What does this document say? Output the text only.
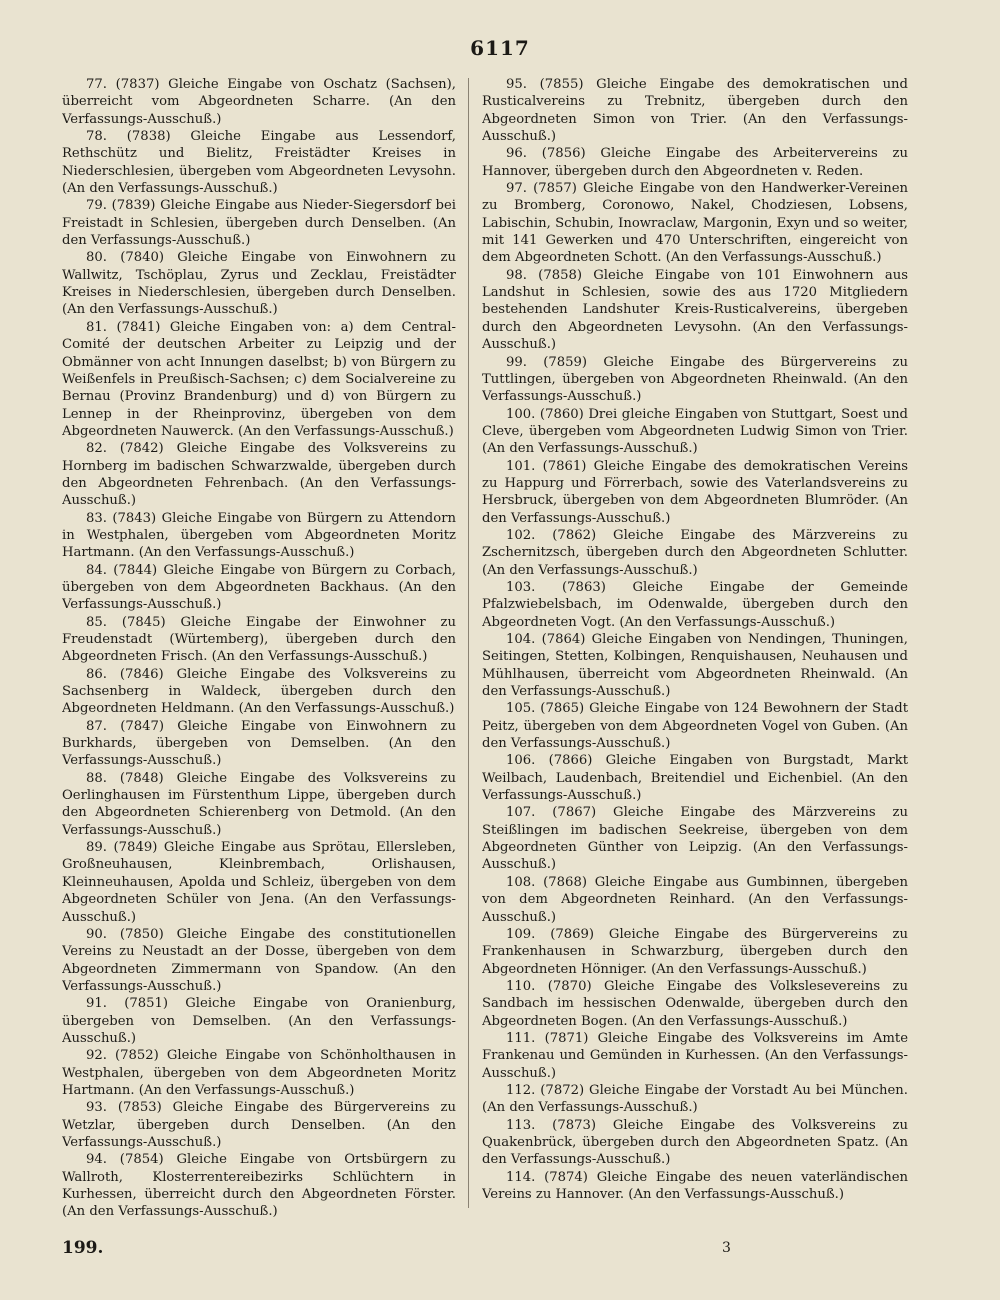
6117

77. (7837) Gleiche Eingabe von Oschatz (Sachsen), überreicht vom Abgeordneten Scharre. (An den Verfassungs-Ausschuß.)

78. (7838) Gleiche Eingabe aus Lessendorf, Rethschütz und Bielitz, Freistädter Kreises in Niederschlesien, übergeben vom Abgeordneten Levysohn. (An den Verfassungs-Ausschuß.)

79. (7839) Gleiche Eingabe aus Nieder-Siegersdorf bei Freistadt in Schlesien, übergeben durch Denselben. (An den Verfassungs-Ausschuß.)

80. (7840) Gleiche Eingabe von Einwohnern zu Wallwitz, Tschöplau, Zyrus und Zecklau, Freistädter Kreises in Niederschlesien, übergeben durch Denselben. (An den Verfassungs-Ausschuß.)

81. (7841) Gleiche Eingaben von: a) dem Central-Comité der deutschen Arbeiter zu Leipzig und der Obmänner von acht Innungen daselbst; b) von Bürgern zu Weißenfels in Preußisch-Sachsen; c) dem Socialvereine zu Bernau (Provinz Brandenburg) und d) von Bürgern zu Lennep in der Rheinprovinz, übergeben von dem Abgeordneten Nauwerck. (An den Verfassungs-Ausschuß.)

82. (7842) Gleiche Eingabe des Volksvereins zu Hornberg im badischen Schwarzwalde, übergeben durch den Abgeordneten Fehrenbach. (An den Verfassungs-Ausschuß.)

83. (7843) Gleiche Eingabe von Bürgern zu Attendorn in Westphalen, übergeben vom Abgeordneten Moritz Hartmann. (An den Verfassungs-Ausschuß.)

84. (7844) Gleiche Eingabe von Bürgern zu Corbach, übergeben von dem Abgeordneten Backhaus. (An den Verfassungs-Ausschuß.)

85. (7845) Gleiche Eingabe der Einwohner zu Freudenstadt (Würtemberg), übergeben durch den Abgeordneten Frisch. (An den Verfassungs-Ausschuß.)

86. (7846) Gleiche Eingabe des Volksvereins zu Sachsenberg in Waldeck, übergeben durch den Abgeordneten Heldmann. (An den Verfassungs-Ausschuß.)

87. (7847) Gleiche Eingabe von Einwohnern zu Burkhards, übergeben von Demselben. (An den Verfassungs-Ausschuß.)

88. (7848) Gleiche Eingabe des Volksvereins zu Oerlinghausen im Fürstenthum Lippe, übergeben durch den Abgeordneten Schierenberg von Detmold. (An den Verfassungs-Ausschuß.)

89. (7849) Gleiche Eingabe aus Sprötau, Ellersleben, Großneuhausen, Kleinbrembach, Orlishausen, Kleinneuhausen, Apolda und Schleiz, übergeben von dem Abgeordneten Schüler von Jena. (An den Verfassungs-Ausschuß.)

90. (7850) Gleiche Eingabe des constitutionellen Vereins zu Neustadt an der Dosse, übergeben von dem Abgeordneten Zimmermann von Spandow. (An den Verfassungs-Ausschuß.)

91. (7851) Gleiche Eingabe von Oranienburg, übergeben von Demselben. (An den Verfassungs-Ausschuß.)

92. (7852) Gleiche Eingabe von Schönholthausen in Westphalen, übergeben von dem Abgeordneten Moritz Hartmann. (An den Verfassungs-Ausschuß.)

93. (7853) Gleiche Eingabe des Bürgervereins zu Wetzlar, übergeben durch Denselben. (An den Verfassungs-Ausschuß.)

94. (7854) Gleiche Eingabe von Ortsbürgern zu Wallroth, Klosterrentereibezirks Schlüchtern in Kurhessen, überreicht durch den Abgeordneten Förster. (An den Verfassungs-Ausschuß.)

95. (7855) Gleiche Eingabe des demokratischen und Rusticalvereins zu Trebnitz, übergeben durch den Abgeordneten Simon von Trier. (An den Verfassungs-Ausschuß.)

96. (7856) Gleiche Eingabe des Arbeitervereins zu Hannover, übergeben durch den Abgeordneten v. Reden.

97. (7857) Gleiche Eingabe von den Handwerker-Vereinen zu Bromberg, Coronowo, Nakel, Chodziesen, Lobsens, Labischin, Schubin, Inowraclaw, Margonin, Exyn und so weiter, mit 141 Gewerken und 470 Unterschriften, eingereicht von dem Abgeordneten Schott. (An den Verfassungs-Ausschuß.)

98. (7858) Gleiche Eingabe von 101 Einwohnern aus Landshut in Schlesien, sowie des aus 1720 Mitgliedern bestehenden Landshuter Kreis-Rusticalvereins, übergeben durch den Abgeordneten Levysohn. (An den Verfassungs-Ausschuß.)

99. (7859) Gleiche Eingabe des Bürgervereins zu Tuttlingen, übergeben von Abgeordneten Rheinwald. (An den Verfassungs-Ausschuß.)

100. (7860) Drei gleiche Eingaben von Stuttgart, Soest und Cleve, übergeben vom Abgeordneten Ludwig Simon von Trier. (An den Verfassungs-Ausschuß.)

101. (7861) Gleiche Eingabe des demokratischen Vereins zu Happurg und Förrerbach, sowie des Vaterlandsvereins zu Hersbruck, übergeben von dem Abgeordneten Blumröder. (An den Verfassungs-Ausschuß.)

102. (7862) Gleiche Eingabe des Märzvereins zu Zschernitzsch, übergeben durch den Abgeordneten Schlutter. (An den Verfassungs-Ausschuß.)

103. (7863) Gleiche Eingabe der Gemeinde Pfalzwiebelsbach, im Odenwalde, übergeben durch den Abgeordneten Vogt. (An den Verfassungs-Ausschuß.)

104. (7864) Gleiche Eingaben von Nendingen, Thuningen, Seitingen, Stetten, Kolbingen, Renquishausen, Neuhausen und Mühlhausen, überreicht vom Abgeordneten Rheinwald. (An den Verfassungs-Ausschuß.)

105. (7865) Gleiche Eingabe von 124 Bewohnern der Stadt Peitz, übergeben von dem Abgeordneten Vogel von Guben. (An den Verfassungs-Ausschuß.)

106. (7866) Gleiche Eingaben von Burgstadt, Markt Weilbach, Laudenbach, Breitendiel und Eichenbiel. (An den Verfassungs-Ausschuß.)

107. (7867) Gleiche Eingabe des Märzvereins zu Steißlingen im badischen Seekreise, übergeben von dem Abgeordneten Günther von Leipzig. (An den Verfassungs-Ausschuß.)

108. (7868) Gleiche Eingabe aus Gumbinnen, übergeben von dem Abgeordneten Reinhard. (An den Verfassungs-Ausschuß.)

109. (7869) Gleiche Eingabe des Bürgervereins zu Frankenhausen in Schwarzburg, übergeben durch den Abgeordneten Hönniger. (An den Verfassungs-Ausschuß.)

110. (7870) Gleiche Eingabe des Volkslesevereins zu Sandbach im hessischen Odenwalde, übergeben durch den Abgeordneten Bogen. (An den Verfassungs-Ausschuß.)

111. (7871) Gleiche Eingabe des Volksvereins im Amte Frankenau und Gemünden in Kurhessen. (An den Verfassungs-Ausschuß.)

112. (7872) Gleiche Eingabe der Vorstadt Au bei München. (An den Verfassungs-Ausschuß.)

113. (7873) Gleiche Eingabe des Volksvereins zu Quakenbrück, übergeben durch den Abgeordneten Spatz. (An den Verfassungs-Ausschuß.)

114. (7874) Gleiche Eingabe des neuen vaterländischen Vereins zu Hannover. (An den Verfassungs-Ausschuß.)

199.	3
